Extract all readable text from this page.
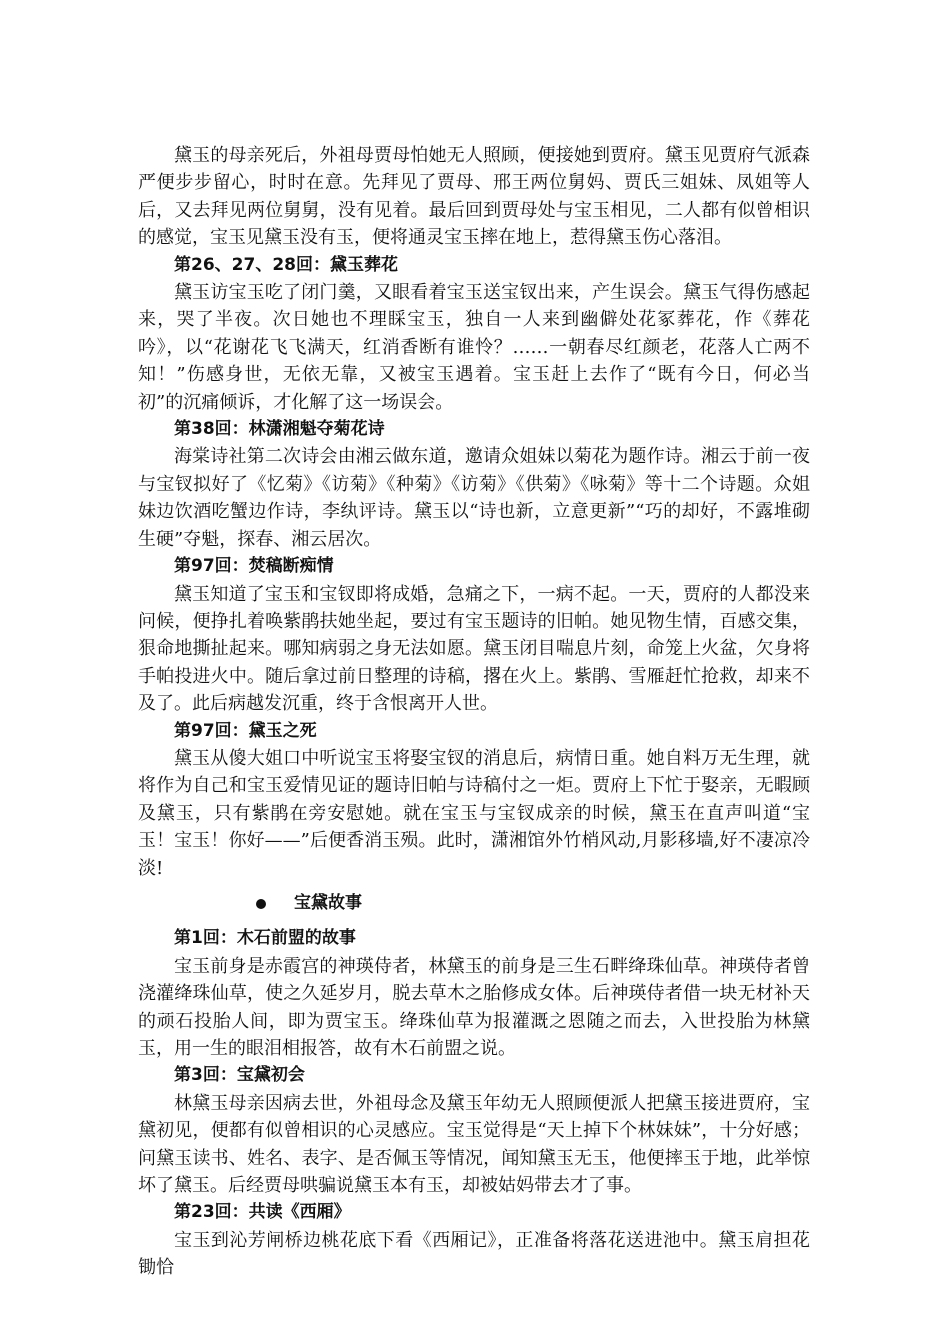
黛玉的母亲死后，外祖母贾母怕她无人照顾，便接她到贾府。黛玉见贾府气派森严便步步留心，时时在意。先拜见了贾母、邢王两位舅妈、贾氏三姐妹、凤姐等人后，又去拜见两位舅舅，没有见着。最后回到贾母处与宝玉相见，二人都有似曾相识的感觉，宝玉见黛玉没有玉，便将通灵宝玉摔在地上，惹得黛玉伤心落泪。

第26、27、28回：黛玉葬花

黛玉访宝玉吃了闭门羹，又眼看着宝玉送宝钗出来，产生误会。黛玉气得伤感起来，哭了半夜。次日她也不理睬宝玉，独自一人来到幽僻处花冢葬花，作《葬花吟》，以“花谢花飞飞满天，红消香断有谁怜？……一朝春尽红颜老，花落人亡两不知！”伤感身世，无依无靠，又被宝玉遇着。宝玉赶上去作了“既有今日，何必当初”的沉痛倾诉，才化解了这一场误会。

第38回：林潇湘魁夺菊花诗

海棠诗社第二次诗会由湘云做东道，邀请众姐妹以菊花为题作诗。湘云于前一夜与宝钗拟好了《忆菊》《访菊》《种菊》《访菊》《供菊》《咏菊》等十二个诗题。众姐妹边饮酒吃蟹边作诗，李纨评诗。黛玉以“诗也新，立意更新”“巧的却好，不露堆砌生硬”夺魁，探春、湘云居次。

第97回：焚稿断痴情

黛玉知道了宝玉和宝钗即将成婚，急痛之下，一病不起。一天，贾府的人都没来问候，便挣扎着唤紫鹃扶她坐起，要过有宝玉题诗的旧帕。她见物生情，百感交集，狠命地撕扯起来。哪知病弱之身无法如愿。黛玉闭目喘息片刻，命笼上火盆，欠身将手帕投进火中。随后拿过前日整理的诗稿，撂在火上。紫鹃、雪雁赶忙抢救，却来不及了。此后病越发沉重，终于含恨离开人世。

第97回：黛玉之死

黛玉从傻大姐口中听说宝玉将娶宝钗的消息后，病情日重。她自料万无生理，就将作为自己和宝玉爱情见证的题诗旧帕与诗稿付之一炬。贾府上下忙于娶亲，无暇顾及黛玉，只有紫鹃在旁安慰她。就在宝玉与宝钗成亲的时候，黛玉在直声叫道“宝玉！宝玉！你好——”后便香消玉殒。此时，潇湘馆外竹梢风动,月影移墙,好不凄凉冷淡!

宝黛故事

第1回：木石前盟的故事

宝玉前身是赤霞宫的神瑛侍者，林黛玉的前身是三生石畔绛珠仙草。神瑛侍者曾浇灌绛珠仙草，使之久延岁月，脱去草木之胎修成女体。后神瑛侍者借一块无材补天的顽石投胎人间，即为贾宝玉。绛珠仙草为报灌溉之恩随之而去，入世投胎为林黛玉，用一生的眼泪相报答，故有木石前盟之说。

第3回：宝黛初会

林黛玉母亲因病去世，外祖母念及黛玉年幼无人照顾便派人把黛玉接进贾府，宝黛初见，便都有似曾相识的心灵感应。宝玉觉得是“天上掉下个林妹妹”，十分好感；问黛玉读书、姓名、表字、是否佩玉等情况，闻知黛玉无玉，他便摔玉于地，此举惊坏了黛玉。后经贾母哄骗说黛玉本有玉，却被姑妈带去才了事。

第23回：共读《西厢》

宝玉到沁芳闸桥边桃花底下看《西厢记》，正准备将落花送进池中。黛玉肩担花锄恰
